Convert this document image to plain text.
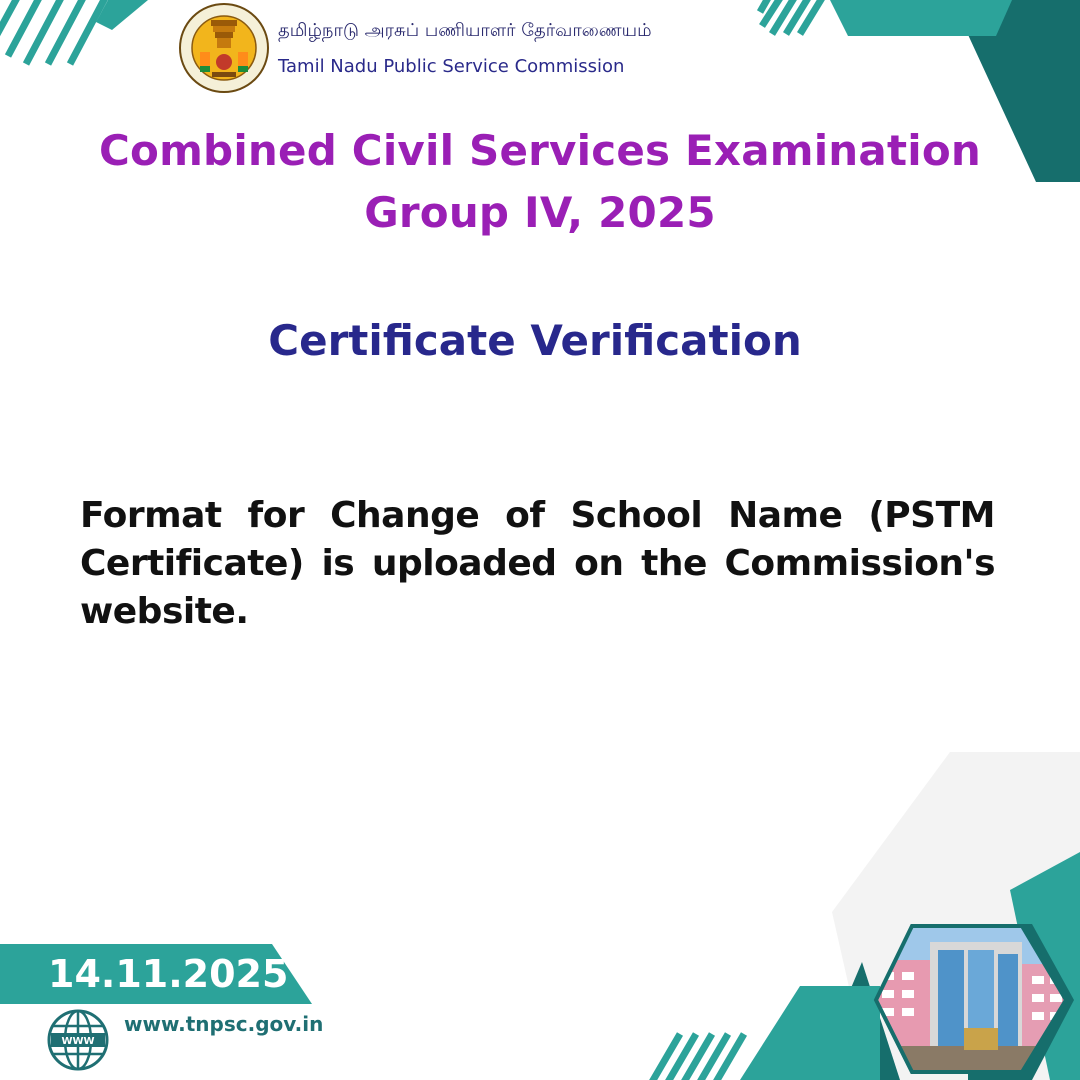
தமிழ்நாடு அரசுப் பணியாளர் தேர்வாணையம்
Tamil Nadu Public Service Commission
Combined Civil Services Examination
Group IV, 2025
Certificate Verification
Format for Change of School Name (PSTM Certificate) is uploaded on the Commission's website.
14.11.2025
WWW
www.tnpsc.gov.in
